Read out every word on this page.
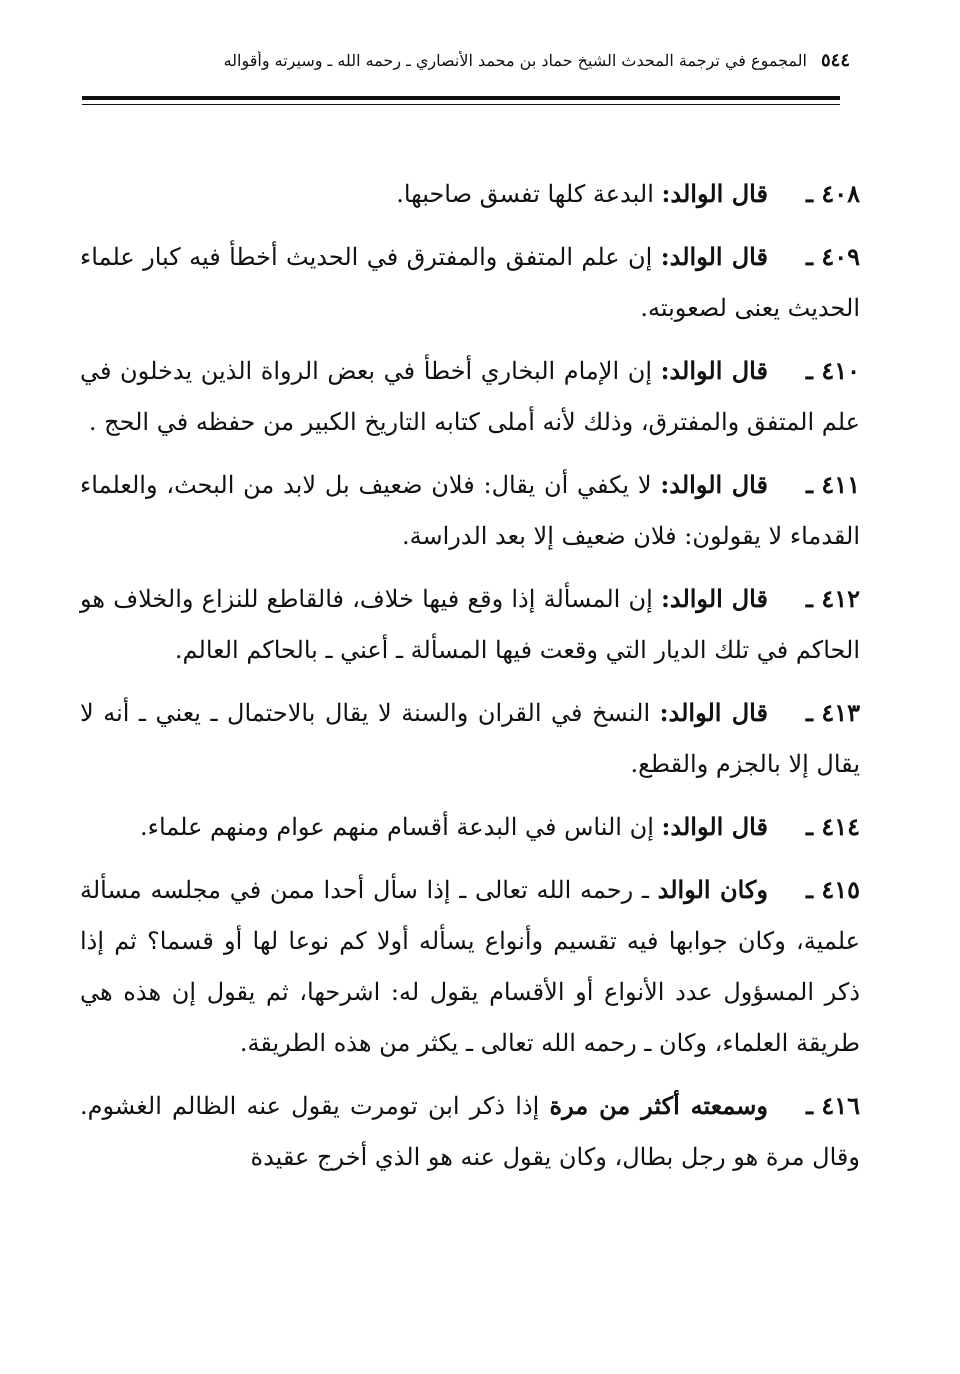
٥٤٤
المجموع في ترجمة المحدث الشيخ حماد بن محمد الأنصاري ـ رحمه الله ـ وسيرته وأقواله

٤٠٨ ـقال الوالد: البدعة كلها تفسق صاحبها.

٤٠٩ ـقال الوالد: إن علم المتفق والمفترق في الحديث أخطأ فيه كبار علماء الحديث يعنى لصعوبته.

٤١٠ ـقال الوالد: إن الإمام البخاري أخطأ في بعض الرواة الذين يدخلون في علم المتفق والمفترق، وذلك لأنه أملى كتابه التاريخ الكبير من حفظه في الحج .

٤١١ ـقال الوالد: لا يكفي أن يقال: فلان ضعيف بل لابد من البحث، والعلماء القدماء لا يقولون: فلان ضعيف إلا بعد الدراسة.

٤١٢ ـقال الوالد: إن المسألة إذا وقع فيها خلاف، فالقاطع للنزاع والخلاف هو الحاكم في تلك الديار التي وقعت فيها المسألة ـ أعني ـ بالحاكم العالم.

٤١٣ ـقال الوالد: النسخ في القران والسنة لا يقال بالاحتمال ـ يعني ـ أنه لا يقال إلا بالجزم والقطع.

٤١٤ ـقال الوالد: إن الناس في البدعة أقسام منهم عوام ومنهم علماء.

٤١٥ ـوكان الوالد ـ رحمه الله تعالى ـ إذا سأل أحدا ممن في مجلسه مسألة علمية، وكان جوابها فيه تقسيم وأنواع يسأله أولا كم نوعا لها أو قسما؟ ثم إذا ذكر المسؤول عدد الأنواع أو الأقسام يقول له: اشرحها، ثم يقول إن هذه هي طريقة العلماء، وكان ـ رحمه الله تعالى ـ يكثر من هذه الطريقة.

٤١٦ ـوسمعته أكثر من مرة إذا ذكر ابن تومرت يقول عنه الظالم الغشوم. وقال مرة هو رجل بطال، وكان يقول عنه هو الذي أخرج عقيدة
